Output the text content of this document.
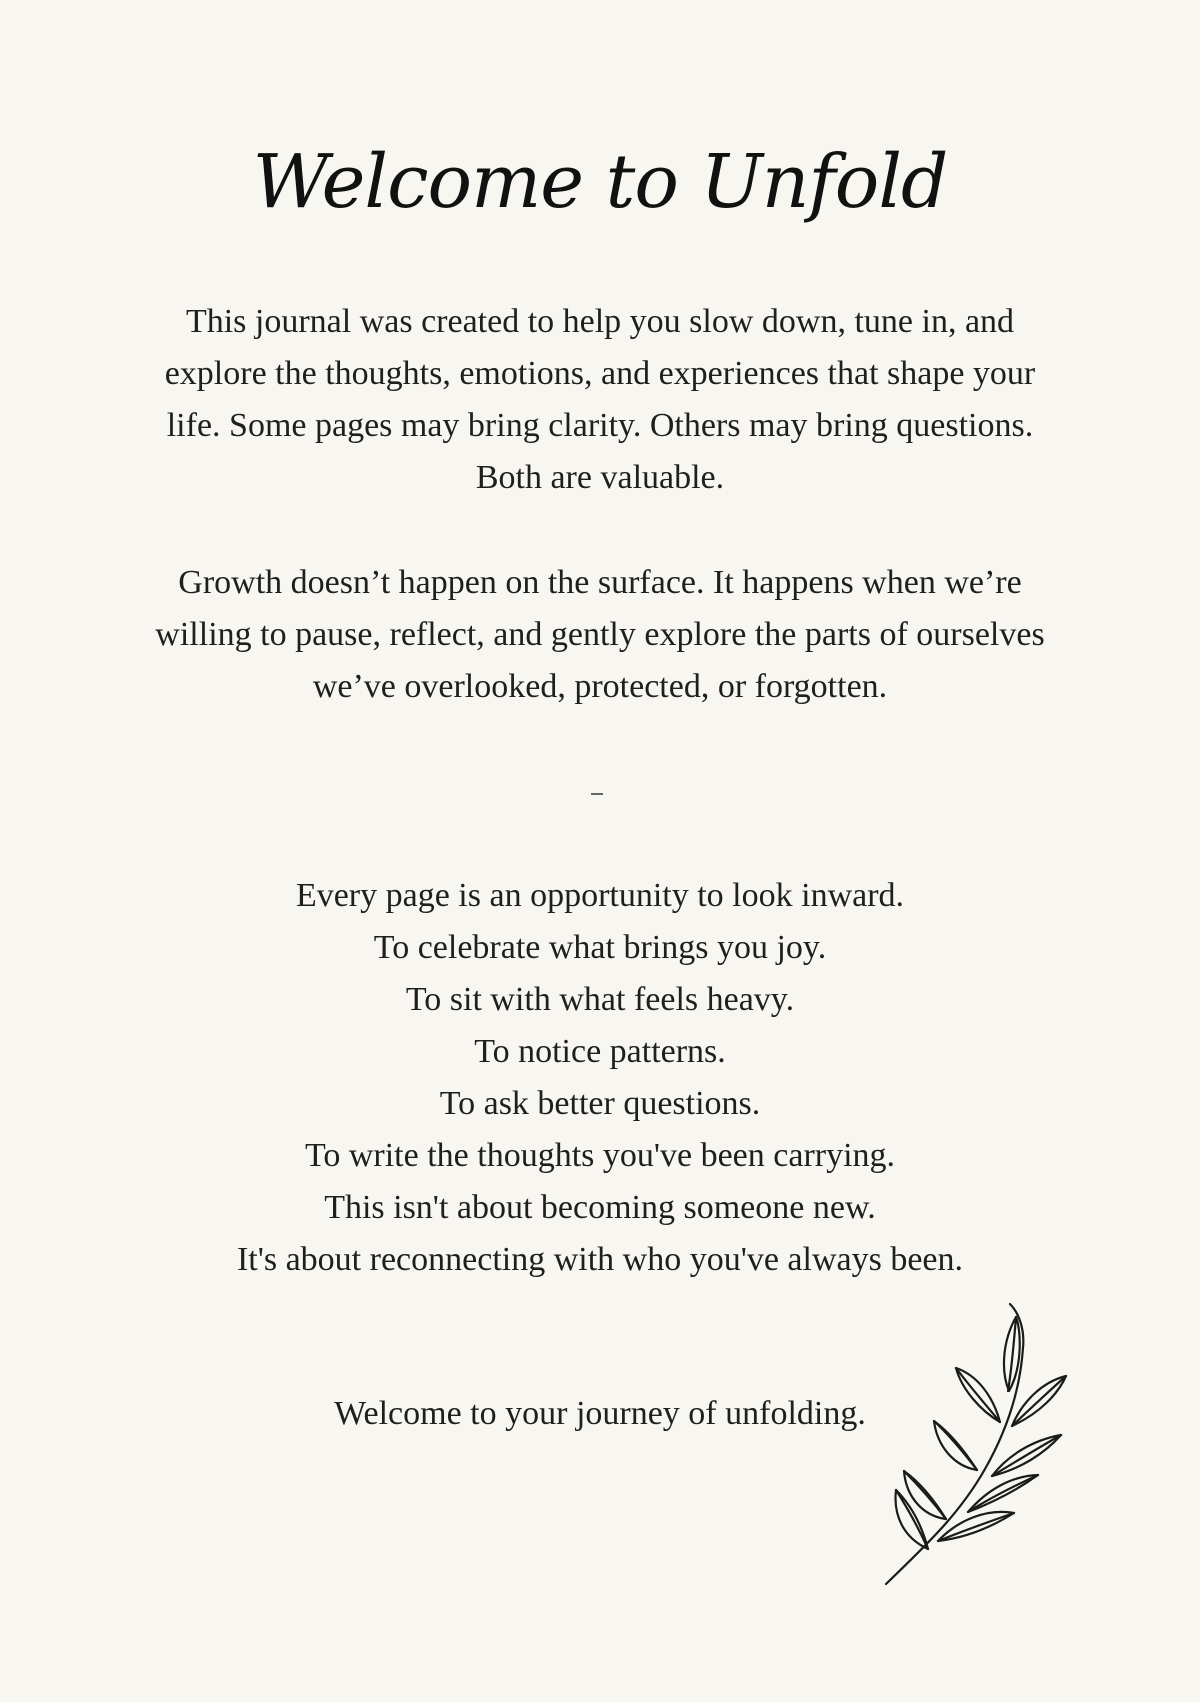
Welcome to Unfold
This journal was created to help you slow down, tune in, and
explore the thoughts, emotions, and experiences that shape your
life. Some pages may bring clarity. Others may bring questions.
Both are valuable.
Growth doesn’t happen on the surface. It happens when we’re
willing to pause, reflect, and gently explore the parts of ourselves
we’ve overlooked, protected, or forgotten.
Every page is an opportunity to look inward.
To celebrate what brings you joy.
To sit with what feels heavy.
To notice patterns.
To ask better questions.
To write the thoughts you've been carrying.
This isn't about becoming someone new.
It's about reconnecting with who you've always been.
Welcome to your journey of unfolding.
